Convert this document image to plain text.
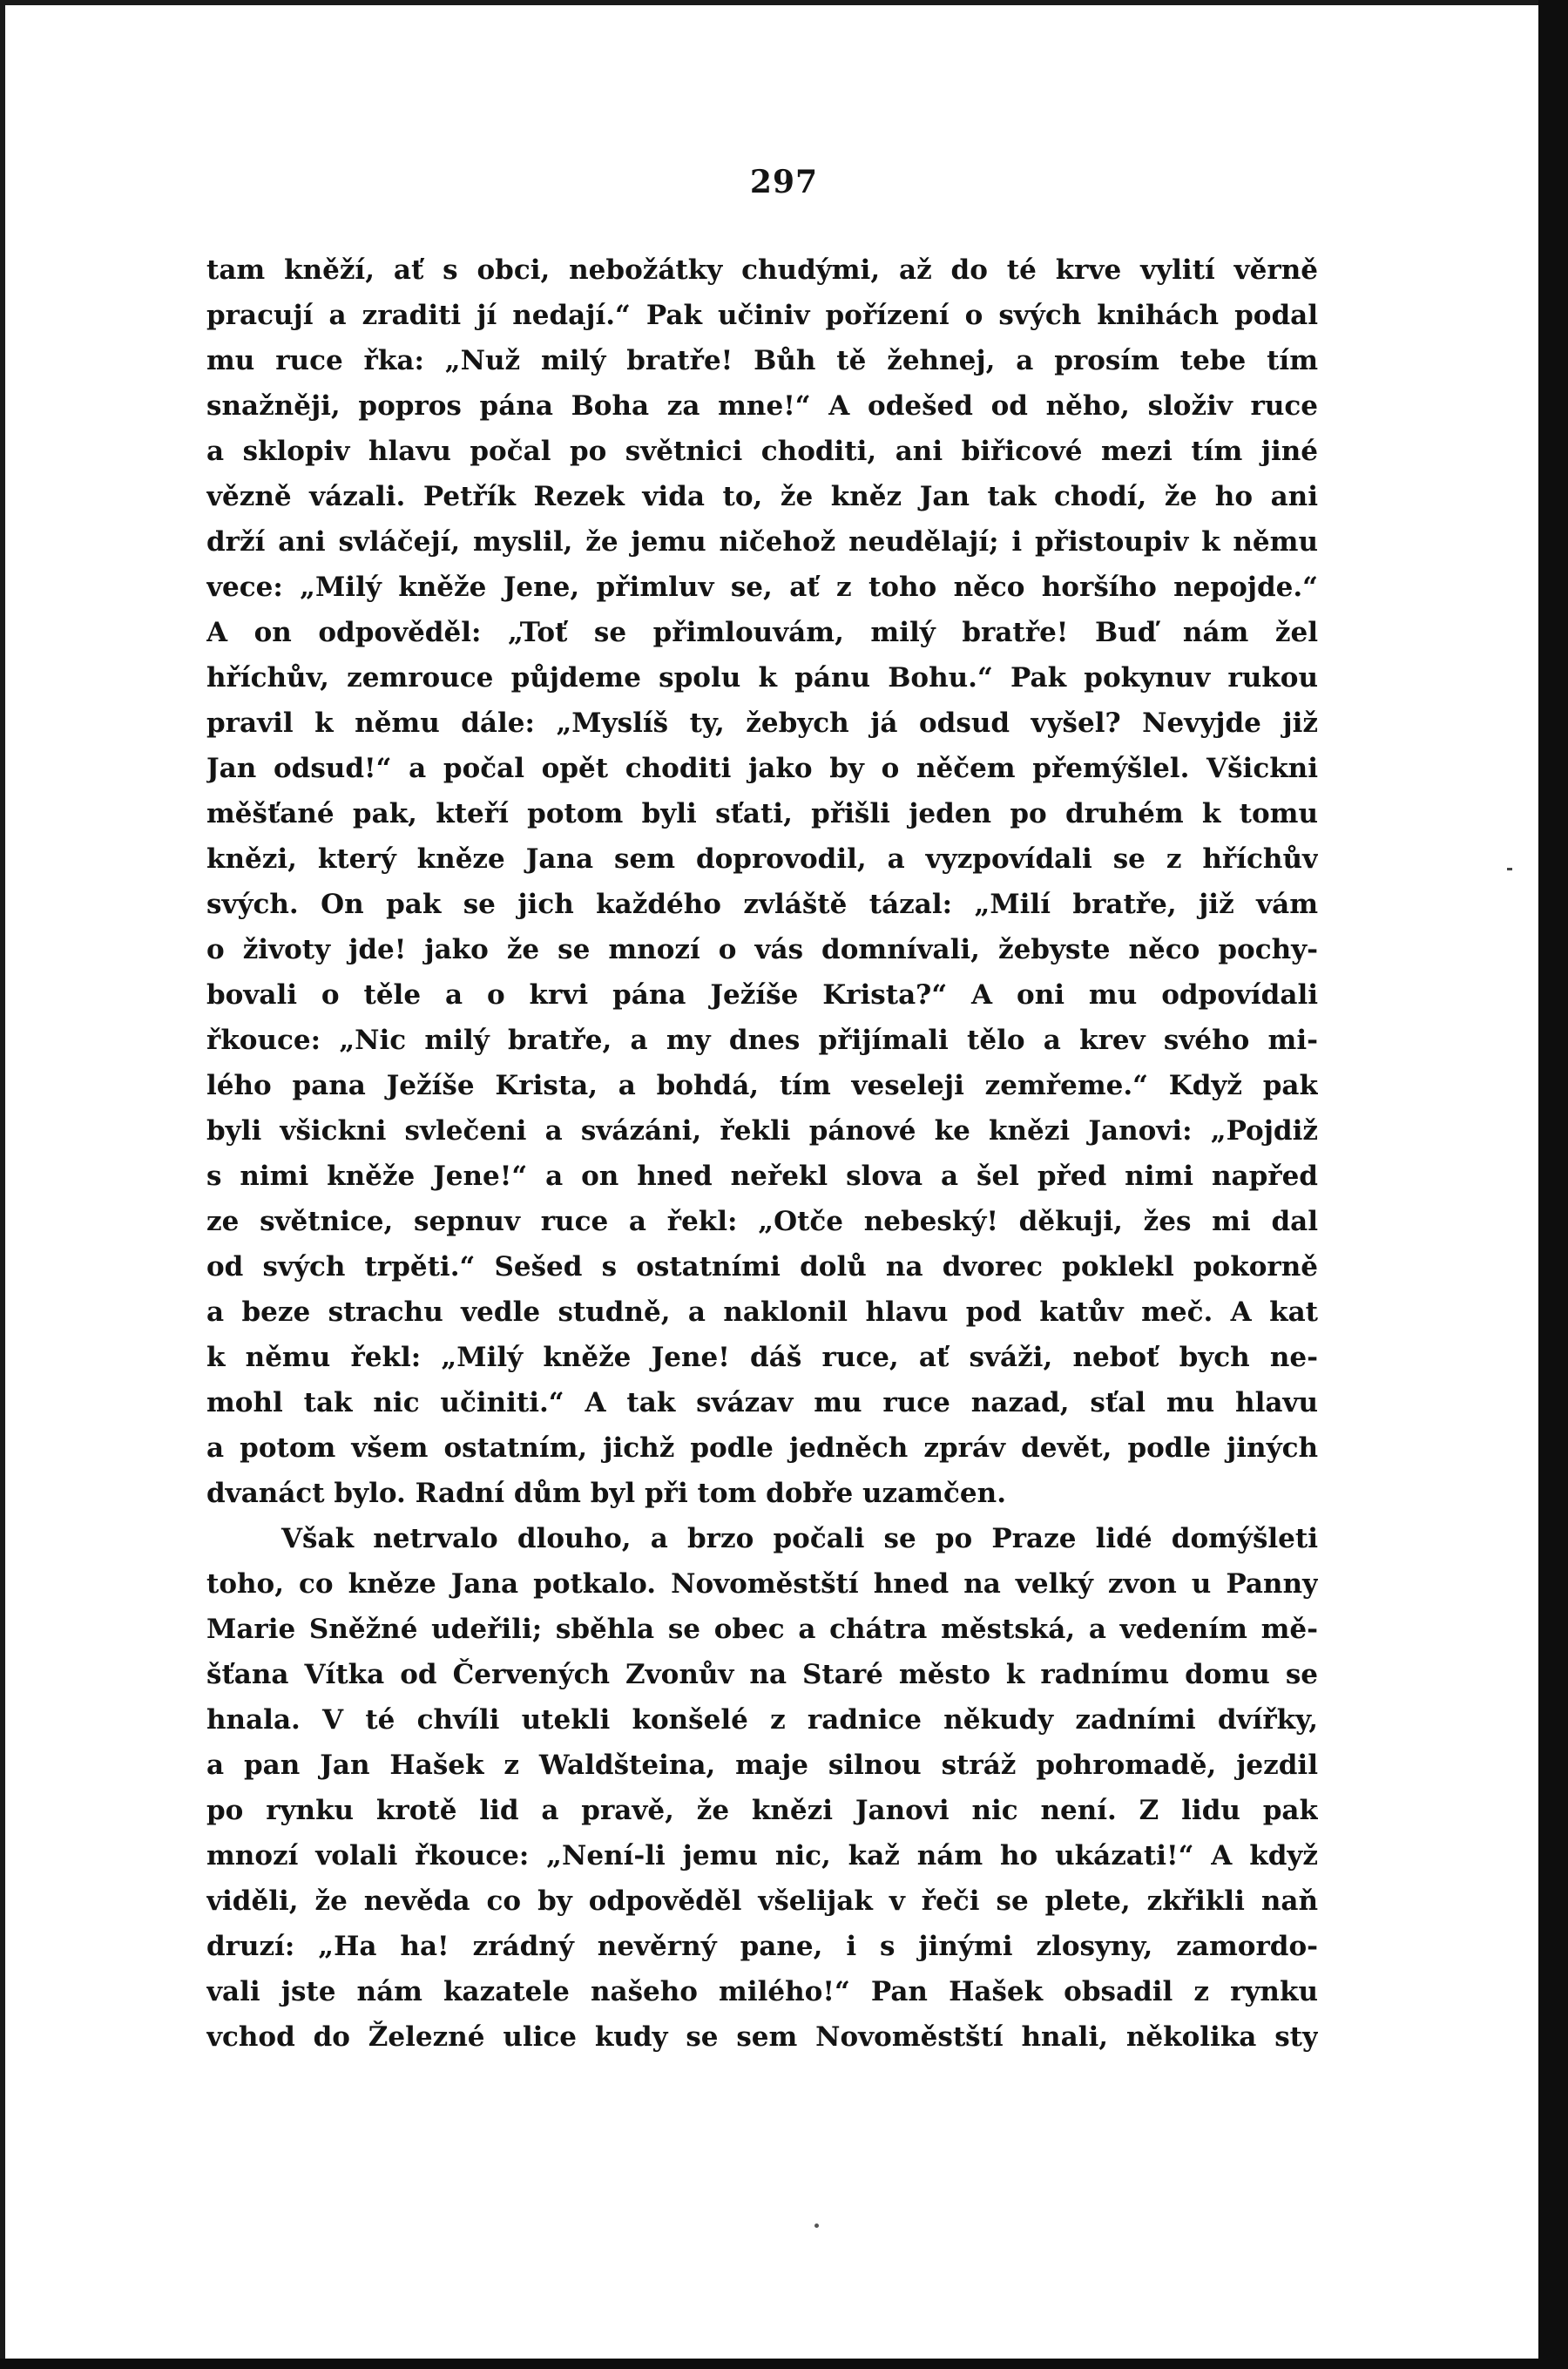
297
tam kněží, ať s obci, nebožátky chudými, až do té krve vylití věrně
pracují a zraditi jí nedají.“ Pak učiniv pořízení o svých knihách podal
mu ruce řka: „Nuž milý bratře! Bůh tě žehnej, a prosím tebe tím
snažněji, popros pána Boha za mne!“ A odešed od něho, složiv ruce
a sklopiv hlavu počal po světnici choditi, ani biřicové mezi tím jiné
vězně vázali. Petřík Rezek vida to, že kněz Jan tak chodí, že ho ani
drží ani svláčejí, myslil, že jemu ničehož neudělají; i přistoupiv k němu
vece: „Milý kněže Jene, přimluv se, ať z toho něco horšího nepojde.“
A on odpověděl: „Toť se přimlouvám, milý bratře! Buď nám žel
hříchův, zemrouce půjdeme spolu k pánu Bohu.“ Pak pokynuv rukou
pravil k němu dále: „Myslíš ty, žebych já odsud vyšel? Nevyjde již
Jan odsud!“ a počal opět choditi jako by o něčem přemýšlel. Všickni
měšťané pak, kteří potom byli sťati, přišli jeden po druhém k tomu
knězi, který kněze Jana sem doprovodil, a vyzpovídali se z hříchův
svých. On pak se jich každého zvláště tázal: „Milí bratře, již vám
o životy jde! jako že se mnozí o vás domnívali, žebyste něco pochy-
bovali o těle a o krvi pána Ježíše Krista?“ A oni mu odpovídali
řkouce: „Nic milý bratře, a my dnes přijímali tělo a krev svého mi-
lého pana Ježíše Krista, a bohdá, tím veseleji zemřeme.“ Když pak
byli všickni svlečeni a svázáni, řekli pánové ke knězi Janovi: „Pojdiž
s nimi kněže Jene!“ a on hned neřekl slova a šel před nimi napřed
ze světnice, sepnuv ruce a řekl: „Otče nebeský! děkuji, žes mi dal
od svých trpěti.“ Sešed s ostatními dolů na dvorec poklekl pokorně
a beze strachu vedle studně, a naklonil hlavu pod katův meč. A kat
k němu řekl: „Milý kněže Jene! dáš ruce, ať sváži, neboť bych ne-
mohl tak nic učiniti.“ A tak svázav mu ruce nazad, sťal mu hlavu
a potom všem ostatním, jichž podle jedněch zpráv devět, podle jiných
dvanáct bylo. Radní dům byl při tom dobře uzamčen.
Však netrvalo dlouho, a brzo počali se po Praze lidé domýšleti
toho, co kněze Jana potkalo. Novoměstští hned na velký zvon u Panny
Marie Sněžné udeřili; sběhla se obec a chátra městská, a vedením mě-
šťana Vítka od Červených Zvonův na Staré město k radnímu domu se
hnala. V té chvíli utekli konšelé z radnice někudy zadními dvířky,
a pan Jan Hašek z Waldšteina, maje silnou stráž pohromadě, jezdil
po rynku krotě lid a pravě, že knězi Janovi nic není. Z lidu pak
mnozí volali řkouce: „Není-li jemu nic, kaž nám ho ukázati!“ A když
viděli, že nevěda co by odpověděl všelijak v řeči se plete, zkřikli naň
druzí: „Ha ha! zrádný nevěrný pane, i s jinými zlosyny, zamordo-
vali jste nám kazatele našeho milého!“ Pan Hašek obsadil z rynku
vchod do Železné ulice kudy se sem Novoměstští hnali, několika sty
